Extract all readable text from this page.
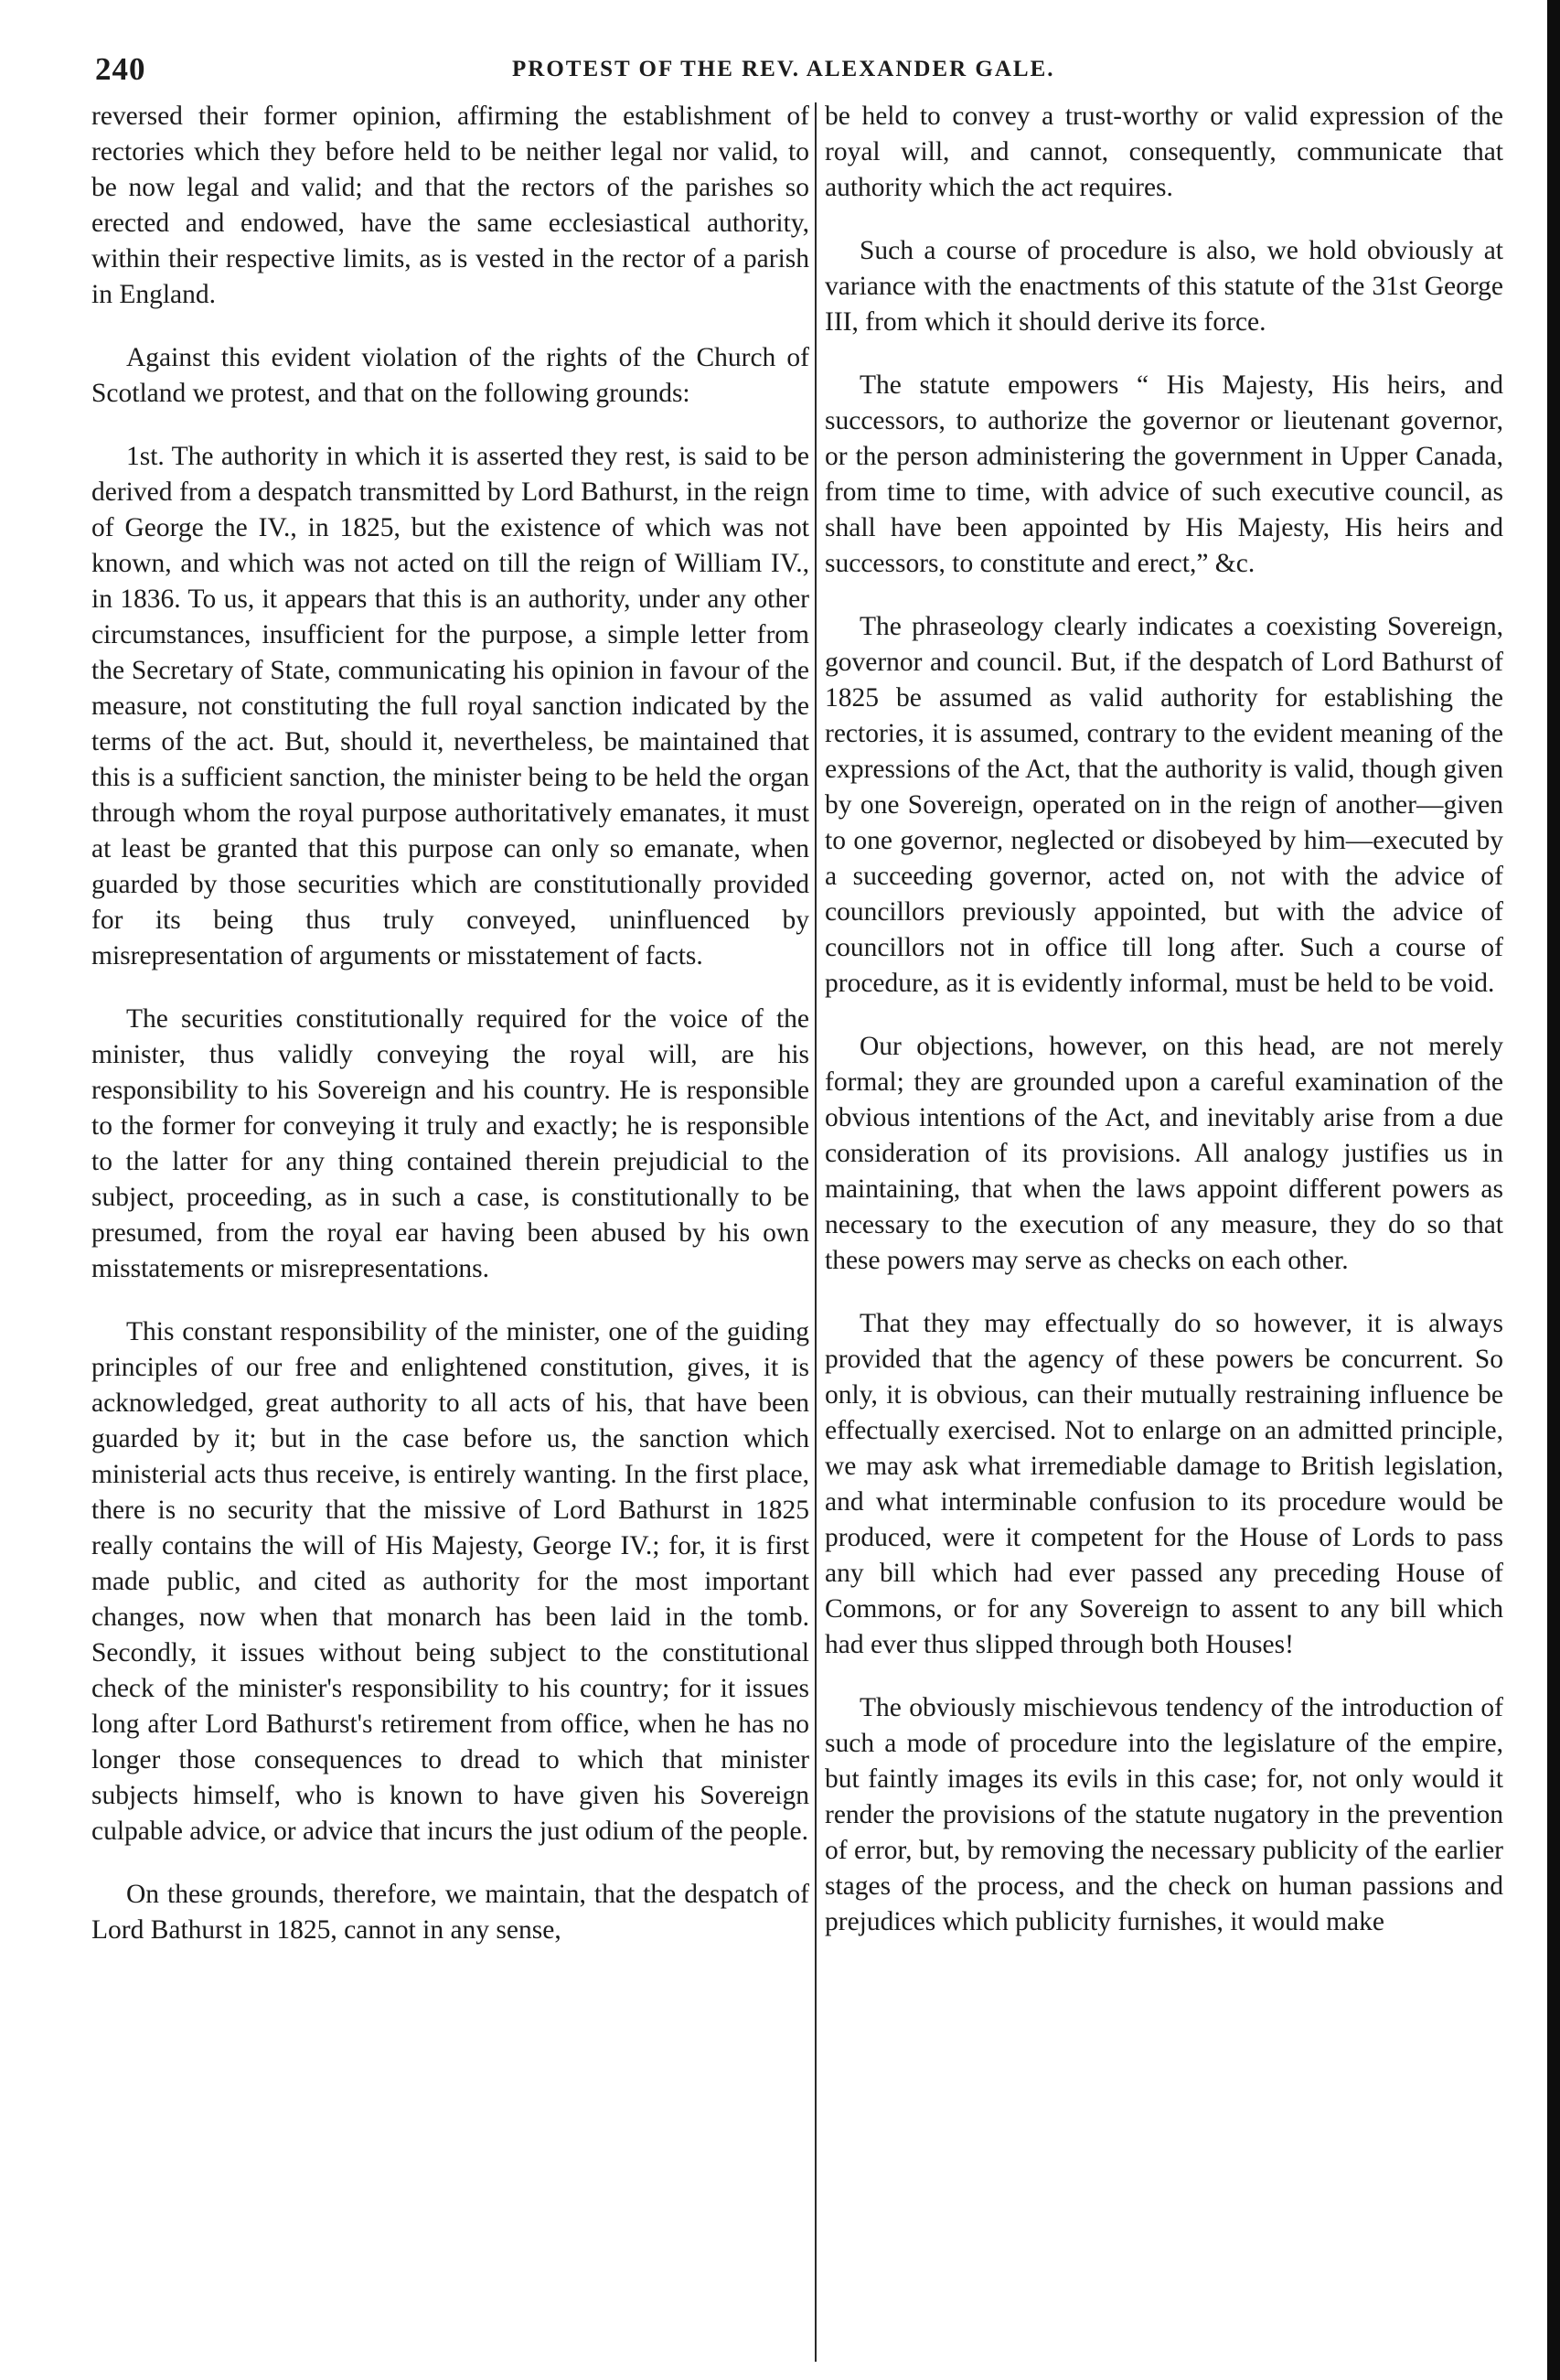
240	PROTEST OF THE REV. ALEXANDER GALE.

reversed their former opinion, affirming the establishment of rectories which they before held to be neither legal nor valid, to be now legal and valid; and that the rectors of the parishes so erected and endowed, have the same ecclesiastical authority, within their respective limits, as is vested in the rector of a parish in England.

Against this evident violation of the rights of the Church of Scotland we protest, and that on the following grounds:

1st. The authority in which it is asserted they rest, is said to be derived from a despatch transmitted by Lord Bathurst, in the reign of George the IV., in 1825, but the existence of which was not known, and which was not acted on till the reign of William IV., in 1836. To us, it appears that this is an authority, under any other circumstances, insufficient for the purpose, a simple letter from the Secretary of State, communicating his opinion in favour of the measure, not constituting the full royal sanction indicated by the terms of the act. But, should it, nevertheless, be maintained that this is a sufficient sanction, the minister being to be held the organ through whom the royal purpose authoritatively emanates, it must at least be granted that this purpose can only so emanate, when guarded by those securities which are constitutionally provided for its being thus truly conveyed, uninfluenced by misrepresentation of arguments or misstatement of facts.

The securities constitutionally required for the voice of the minister, thus validly conveying the royal will, are his responsibility to his Sovereign and his country. He is responsible to the former for conveying it truly and exactly; he is responsible to the latter for any thing contained therein prejudicial to the subject, proceeding, as in such a case, is constitutionally to be presumed, from the royal ear having been abused by his own misstatements or misrepresentations.

This constant responsibility of the minister, one of the guiding principles of our free and enlightened constitution, gives, it is acknowledged, great authority to all acts of his, that have been guarded by it; but in the case before us, the sanction which ministerial acts thus receive, is entirely wanting. In the first place, there is no security that the missive of Lord Bathurst in 1825 really contains the will of His Majesty, George IV.; for, it is first made public, and cited as authority for the most important changes, now when that monarch has been laid in the tomb. Secondly, it issues without being subject to the constitutional check of the minister's responsibility to his country; for it issues long after Lord Bathurst's retirement from office, when he has no longer those consequences to dread to which that minister subjects himself, who is known to have given his Sovereign culpable advice, or advice that incurs the just odium of the people.

On these grounds, therefore, we maintain, that the despatch of Lord Bathurst in 1825, cannot in any sense,

be held to convey a trust-worthy or valid expression of the royal will, and cannot, consequently, communicate that authority which the act requires.

Such a course of procedure is also, we hold obviously at variance with the enactments of this statute of the 31st George III, from which it should derive its force.

The statute empowers “ His Majesty, His heirs, and successors, to authorize the governor or lieutenant governor, or the person administering the government in Upper Canada, from time to time, with advice of such executive council, as shall have been appointed by His Majesty, His heirs and successors, to constitute and erect,” &c.

The phraseology clearly indicates a coexisting Sovereign, governor and council. But, if the despatch of Lord Bathurst of 1825 be assumed as valid authority for establishing the rectories, it is assumed, contrary to the evident meaning of the expressions of the Act, that the authority is valid, though given by one Sovereign, operated on in the reign of another—given to one governor, neglected or disobeyed by him—executed by a succeeding governor, acted on, not with the advice of councillors previously appointed, but with the advice of councillors not in office till long after. Such a course of procedure, as it is evidently informal, must be held to be void.

Our objections, however, on this head, are not merely formal; they are grounded upon a careful examination of the obvious intentions of the Act, and inevitably arise from a due consideration of its provisions. All analogy justifies us in maintaining, that when the laws appoint different powers as necessary to the execution of any measure, they do so that these powers may serve as checks on each other.

That they may effectually do so however, it is always provided that the agency of these powers be concurrent. So only, it is obvious, can their mutually restraining influence be effectually exercised. Not to enlarge on an admitted principle, we may ask what irremediable damage to British legislation, and what interminable confusion to its procedure would be produced, were it competent for the House of Lords to pass any bill which had ever passed any preceding House of Commons, or for any Sovereign to assent to any bill which had ever thus slipped through both Houses!

The obviously mischievous tendency of the introduction of such a mode of procedure into the legislature of the empire, but faintly images its evils in this case; for, not only would it render the provisions of the statute nugatory in the prevention of error, but, by removing the necessary publicity of the earlier stages of the process, and the check on human passions and prejudices which publicity furnishes, it would make
